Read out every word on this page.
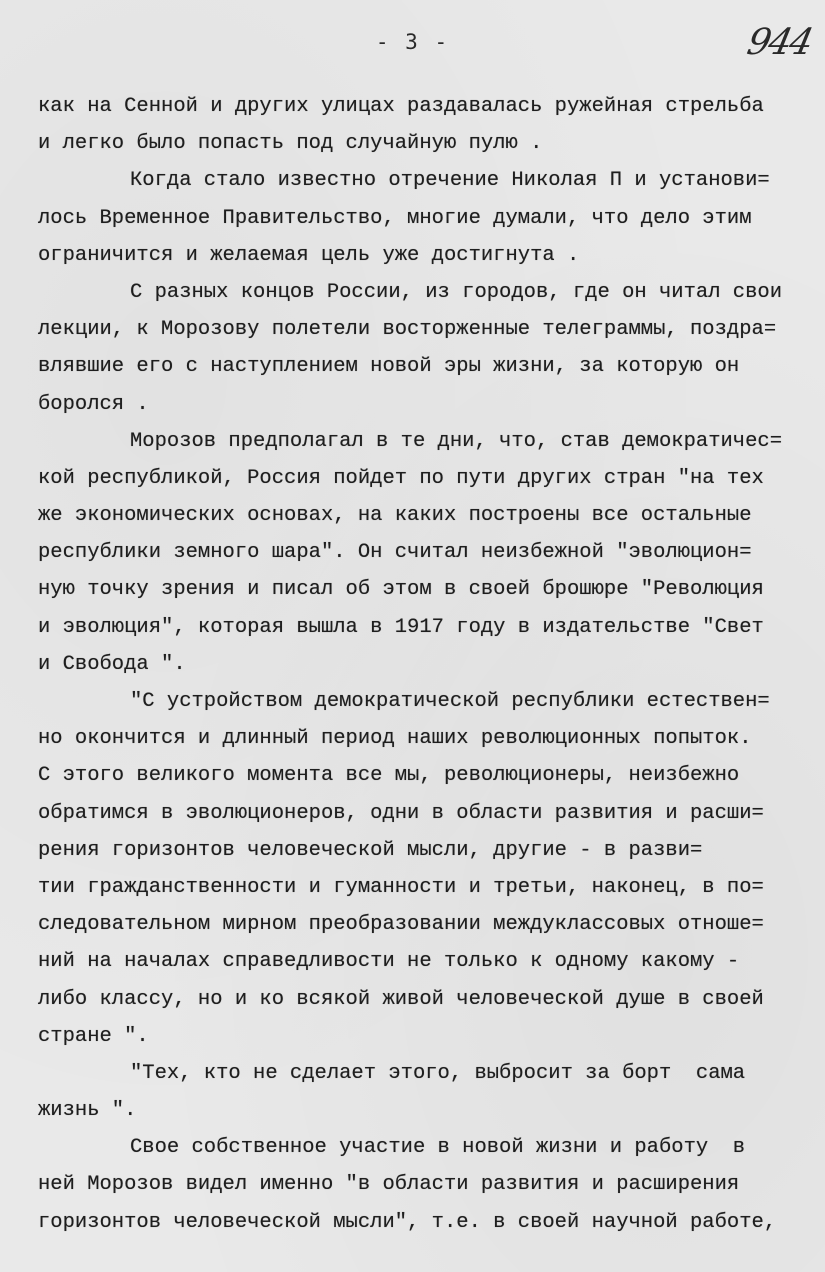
- 3 -	944
как на Сенной и других улицах раздавалась ружейная стрельба
и легко было попасть под случайную пулю .
Когда стало известно отречение Николая П и установи=
лось Временное Правительство, многие думали, что дело этим
ограничится и желаемая цель уже достигнута .
С разных концов России, из городов, где он читал свои
лекции, к Морозову полетели восторженные телеграммы, поздра=
влявшие его с наступлением новой эры жизни, за которую он
боролся .
Морозов предполагал в те дни, что, став демократичес=
кой республикой, Россия пойдет по пути других стран "на тех
же экономических основах, на каких построены все остальные
республики земного шара". Он считал неизбежной "эволюцион=
ную точку зрения и писал об этом в своей брошюре "Революция
и эволюция", которая вышла в 1917 году в издательстве "Свет
и Свобода ".
"С устройством демократической республики естествен=
но окончится и длинный период наших революционных попыток.
С этого великого момента все мы, революционеры, неизбежно
обратимся в эволюционеров, одни в области развития и расши=
рения горизонтов человеческой мысли, другие - в разви=
тии гражданственности и гуманности и третьи, наконец, в по=
следовательном мирном преобразовании междуклассовых отноше=
ний на началах справедливости не только к одному какому -
либо классу, но и ко всякой живой человеческой душе в своей
стране ".
"Тех, кто не сделает этого, выбросит за борт  сама
жизнь ".
Свое собственное участие в новой жизни и работу  в
ней Морозов видел именно "в области развития и расширения
горизонтов человеческой мысли", т.е. в своей научной работе,
